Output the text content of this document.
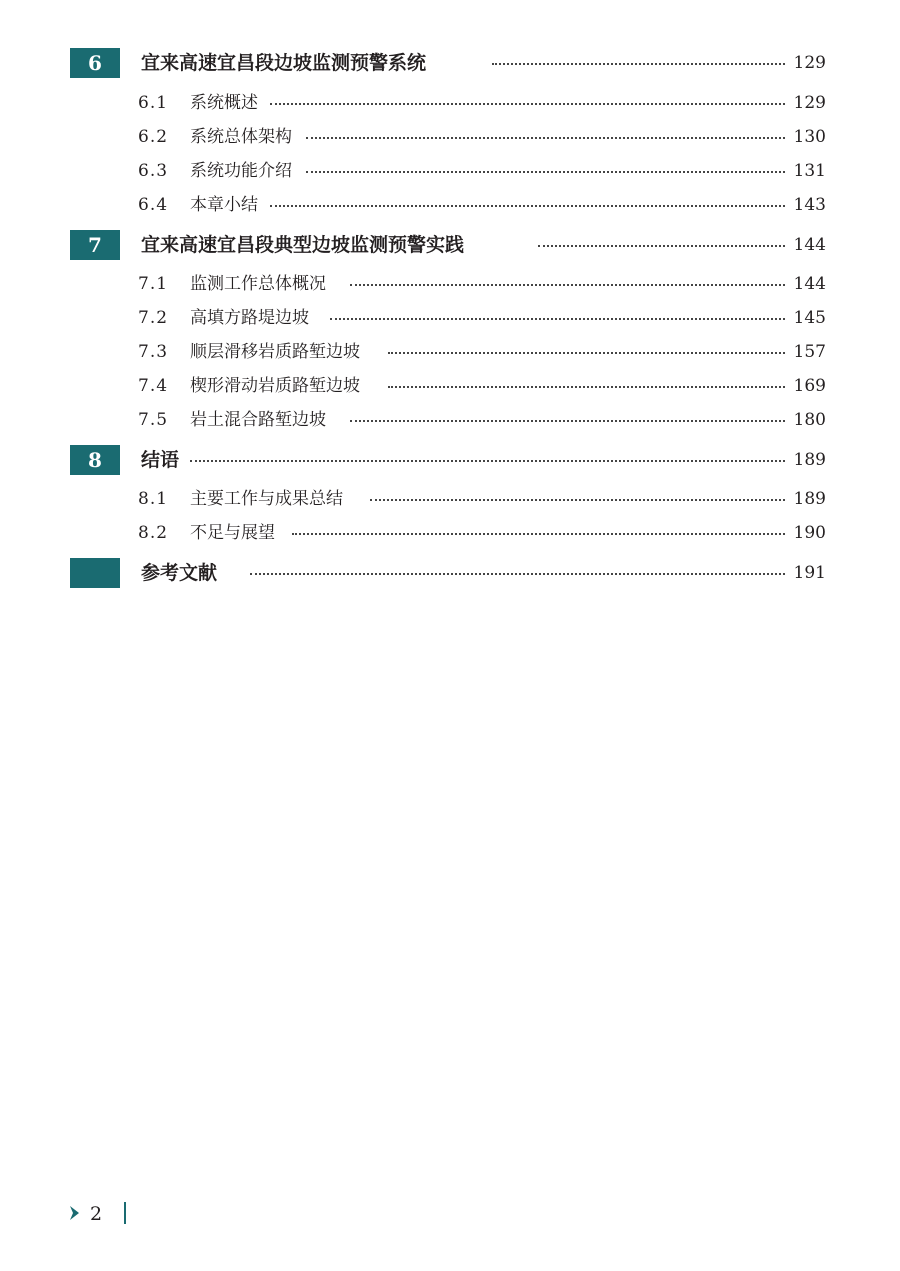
6	宜来高速宜昌段边坡监测预警系统	129
6.1 系统概述	129
6.2 系统总体架构	130
6.3 系统功能介绍	131
6.4 本章小结	143
7	宜来高速宜昌段典型边坡监测预警实践	144
7.1 监测工作总体概况	144
7.2 高填方路堤边坡	145
7.3 顺层滑移岩质路堑边坡	157
7.4 楔形滑动岩质路堑边坡	169
7.5 岩土混合路堑边坡	180
8	结语	189
8.1 主要工作与成果总结	189
8.2 不足与展望	190
参考文献	191
2
